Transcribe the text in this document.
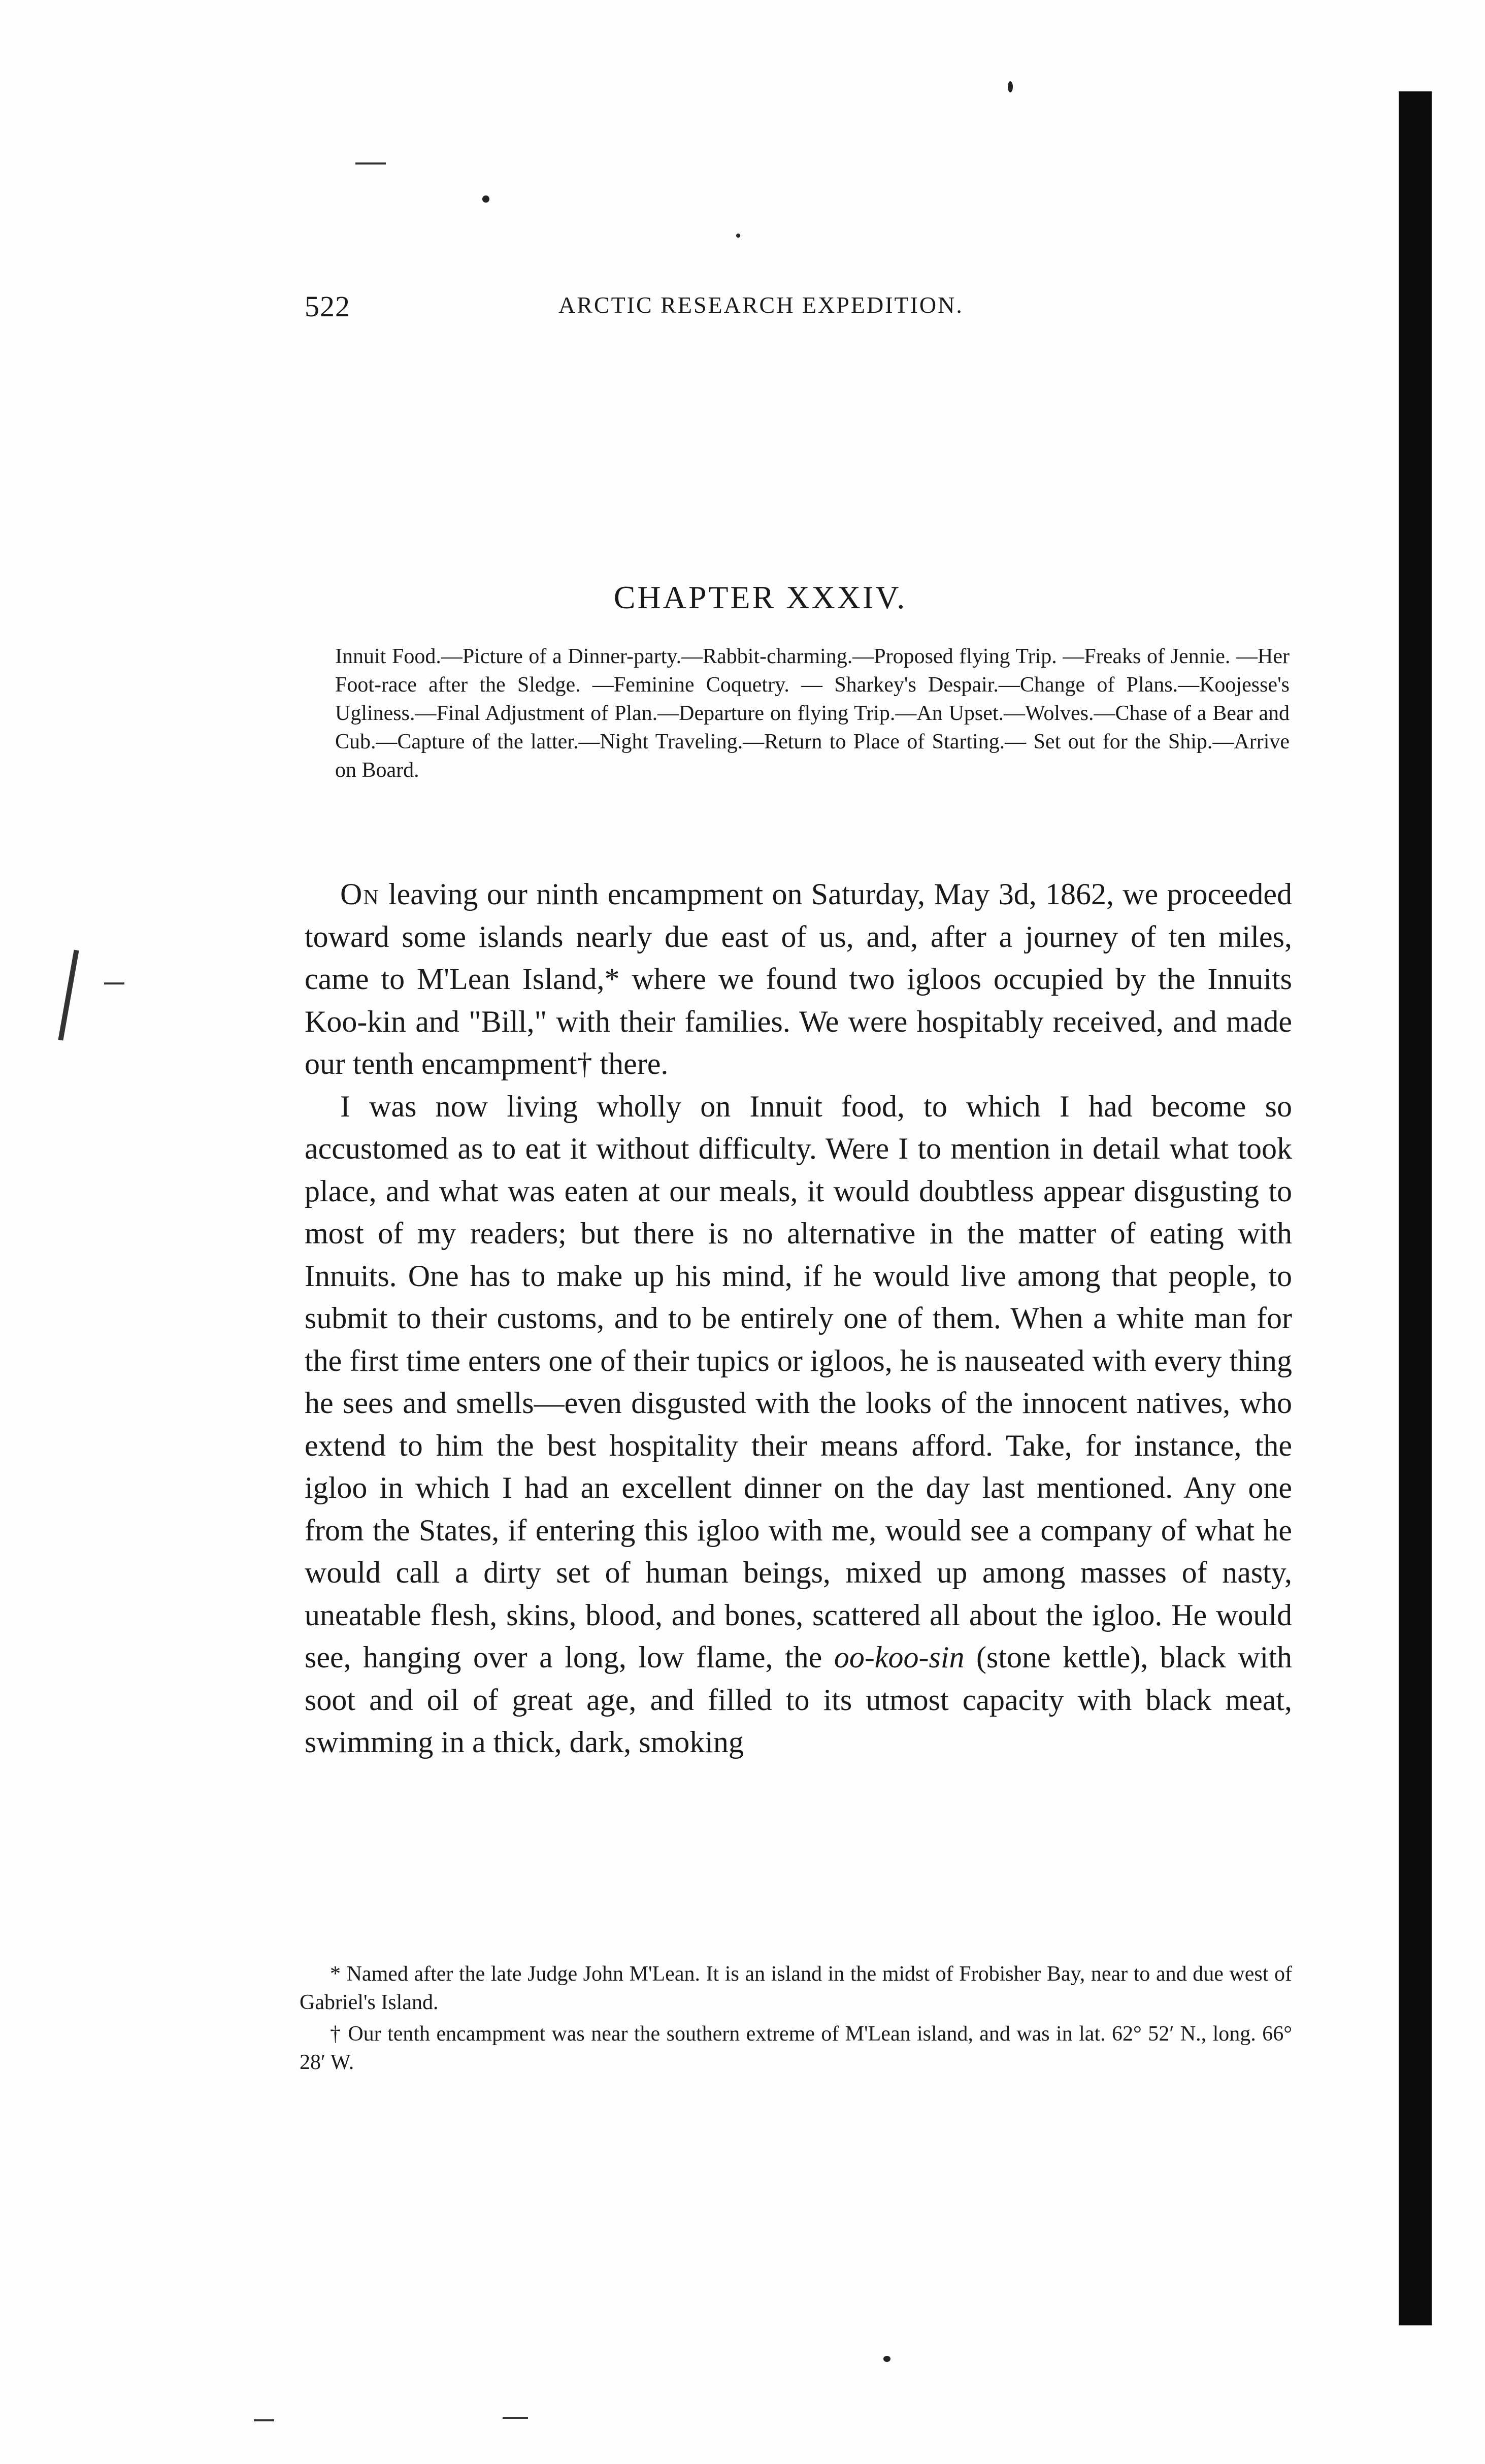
522	ARCTIC RESEARCH EXPEDITION.
CHAPTER XXXIV.
Innuit Food.—Picture of a Dinner-party.—Rabbit-charming.—Proposed flying Trip. —Freaks of Jennie. —Her Foot-race after the Sledge. —Feminine Coquetry. — Sharkey's Despair.—Change of Plans.—Koojesse's Ugliness.—Final Adjustment of Plan.—Departure on flying Trip.—An Upset.—Wolves.—Chase of a Bear and Cub.—Capture of the latter.—Night Traveling.—Return to Place of Starting.— Set out for the Ship.—Arrive on Board.

On leaving our ninth encampment on Saturday, May 3d, 1862, we proceeded toward some islands nearly due east of us, and, after a journey of ten miles, came to M'Lean Island,* where we found two igloos occupied by the Innuits Koo-kin and "Bill," with their families. We were hospitably received, and made our tenth encampment† there.

I was now living wholly on Innuit food, to which I had become so accustomed as to eat it without difficulty. Were I to mention in detail what took place, and what was eaten at our meals, it would doubtless appear disgusting to most of my readers; but there is no alternative in the matter of eating with Innuits. One has to make up his mind, if he would live among that people, to submit to their customs, and to be entirely one of them. When a white man for the first time enters one of their tupics or igloos, he is nauseated with every thing he sees and smells—even disgusted with the looks of the innocent natives, who extend to him the best hospitality their means afford. Take, for instance, the igloo in which I had an excellent dinner on the day last mentioned. Any one from the States, if entering this igloo with me, would see a company of what he would call a dirty set of human beings, mixed up among masses of nasty, uneatable flesh, skins, blood, and bones, scattered all about the igloo. He would see, hanging over a long, low flame, the oo-koo-sin (stone kettle), black with soot and oil of great age, and filled to its utmost capacity with black meat, swimming in a thick, dark, smoking

* Named after the late Judge John M'Lean. It is an island in the midst of Frobisher Bay, near to and due west of Gabriel's Island.

† Our tenth encampment was near the southern extreme of M'Lean island, and was in lat. 62° 52′ N., long. 66° 28′ W.
